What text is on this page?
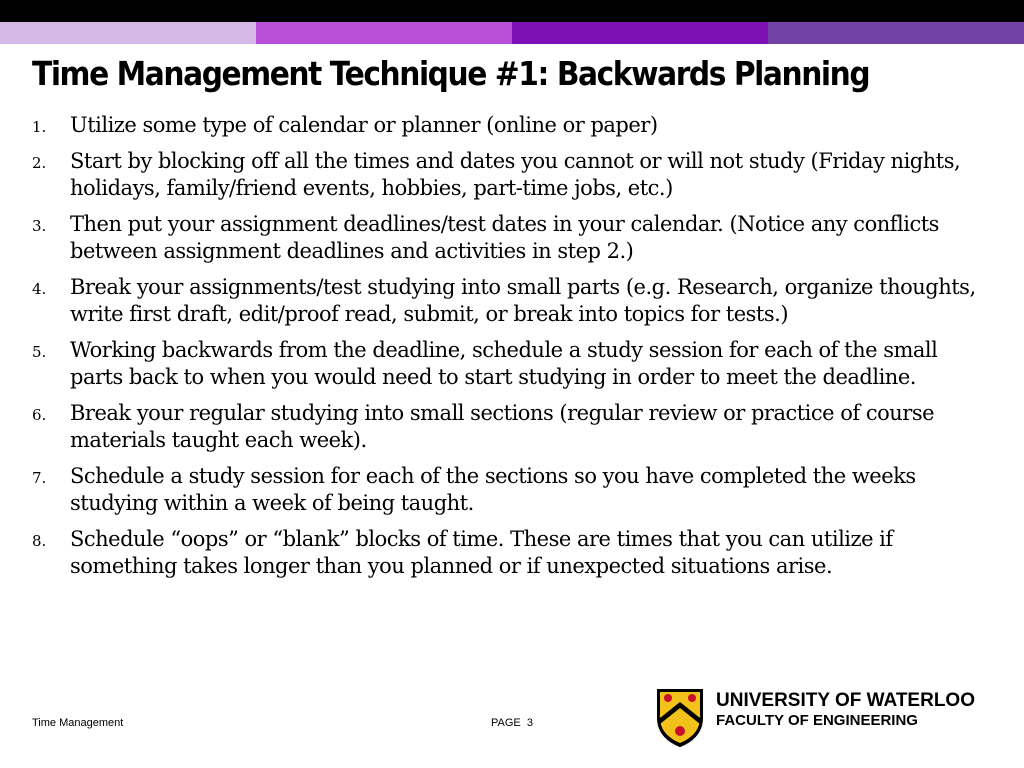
Time Management Technique #1: Backwards Planning
1. Utilize some type of calendar or planner (online or paper)
2. Start by blocking off all the times and dates you cannot or will not study (Friday nights, holidays, family/friend events, hobbies, part-time jobs, etc.)
3. Then put your assignment deadlines/test dates in your calendar. (Notice any conflicts between assignment deadlines and activities in step 2.)
4. Break your assignments/test studying into small parts (e.g. Research, organize thoughts, write first draft, edit/proof read, submit, or break into topics for tests.)
5. Working backwards from the deadline, schedule a study session for each of the small parts back to when you would need to start studying in order to meet the deadline.
6. Break your regular studying into small sections (regular review or practice of course materials taught each week).
7. Schedule a study session for each of the sections so you have completed the weeks studying within a week of being taught.
8. Schedule “oops” or “blank” blocks of time. These are times that you can utilize if something takes longer than you planned or if unexpected situations arise.
Time Management	PAGE  3
UNIVERSITY OF WATERLOO
FACULTY OF ENGINEERING
